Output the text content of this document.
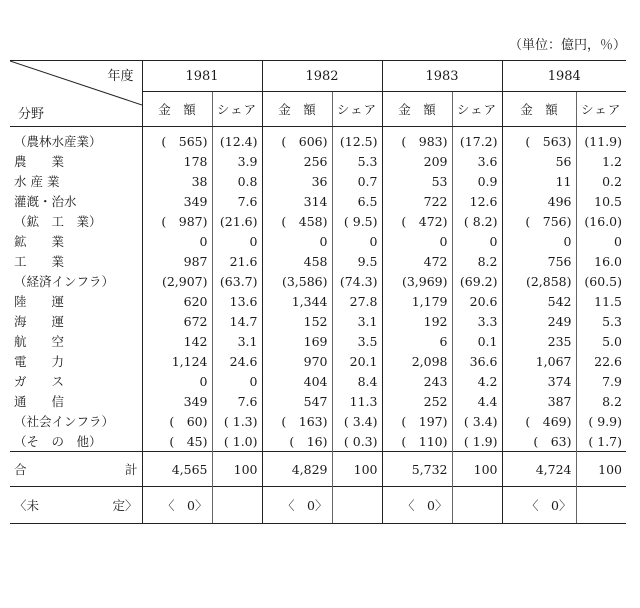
（単位：億円，％）
年度
分野	1981		1982		1983		1984	
	金　額	シェア	金　額	シェア	金　額	シェア	金　額	シェア
（農林水産業）	(　565)	(12.4)	(　606)	(12.5)	(　983)	(17.2)	(　563)	(11.9)
農　　業	178	3.9	256	5.3	209	3.6	56	1.2
水 産 業	38	0.8	36	0.7	53	0.9	11	0.2
灌漑・治水	349	7.6	314	6.5	722	12.6	496	10.5
（鉱　工　業）	(　987)	(21.6)	(　458)	( 9.5)	(　472)	( 8.2)	(　756)	(16.0)
鉱　　業	0	0	0	0	0	0	0	0
工　　業	987	21.6	458	9.5	472	8.2	756	16.0
（経済インフラ）	(2,907)	(63.7)	(3,586)	(74.3)	(3,969)	(69.2)	(2,858)	(60.5)
陸　　運	620	13.6	1,344	27.8	1,179	20.6	542	11.5
海　　運	672	14.7	152	3.1	192	3.3	249	5.3
航　　空	142	3.1	169	3.5	6	0.1	235	5.0
電　　力	1,124	24.6	970	20.1	2,098	36.6	1,067	22.6
ガ　　ス	0	0	404	8.4	243	4.2	374	7.9
通　　信	349	7.6	547	11.3	252	4.4	387	8.2
（社会インフラ）	(　60)	( 1.3)	(　163)	( 3.4)	(　197)	( 3.4)	(　469)	( 9.9)
（そ　の　他）	(　45)	( 1.0)	(　16)	( 0.3)	(　110)	( 1.9)	(　63)	( 1.7)

合 計	4,565	100	4,829	100	5,732	100	4,724	100

〈未 定〉	〈　0〉		〈　0〉		〈　0〉		〈　0〉	
